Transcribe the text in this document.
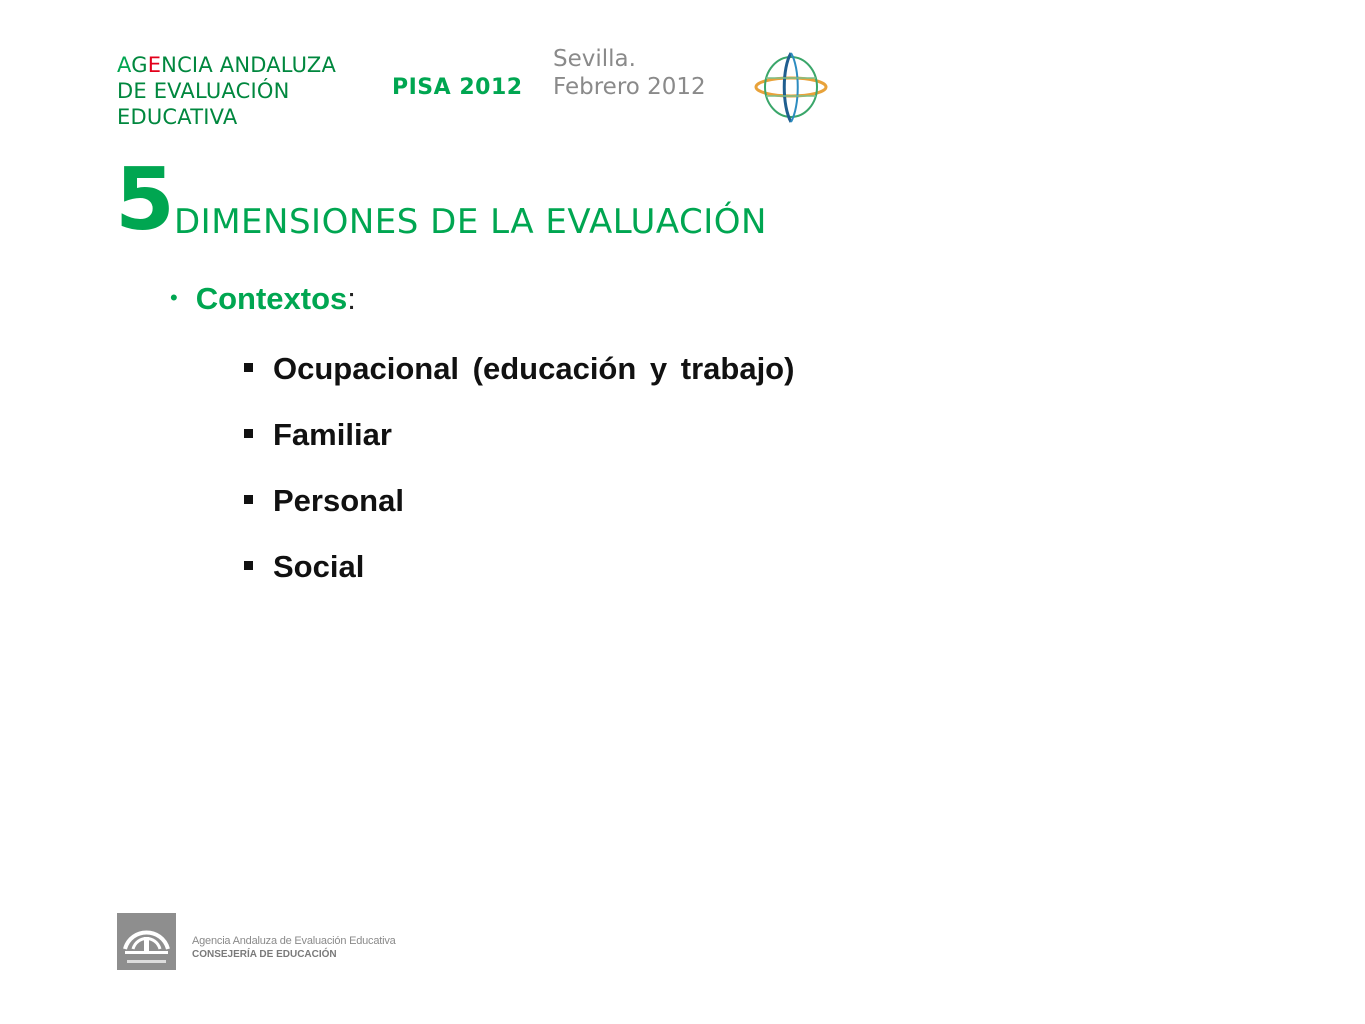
AGENCIA ANDALUZA
DE EVALUACIÓN
EDUCATIVA
PISA 2012
Sevilla.
Febrero 2012
5 DIMENSIONES DE LA EVALUACIÓN
• Contextos:
Ocupacional (educación y trabajo)
Familiar
Personal
Social
Agencia Andaluza de Evaluación Educativa
CONSEJERÍA DE EDUCACIÓN
